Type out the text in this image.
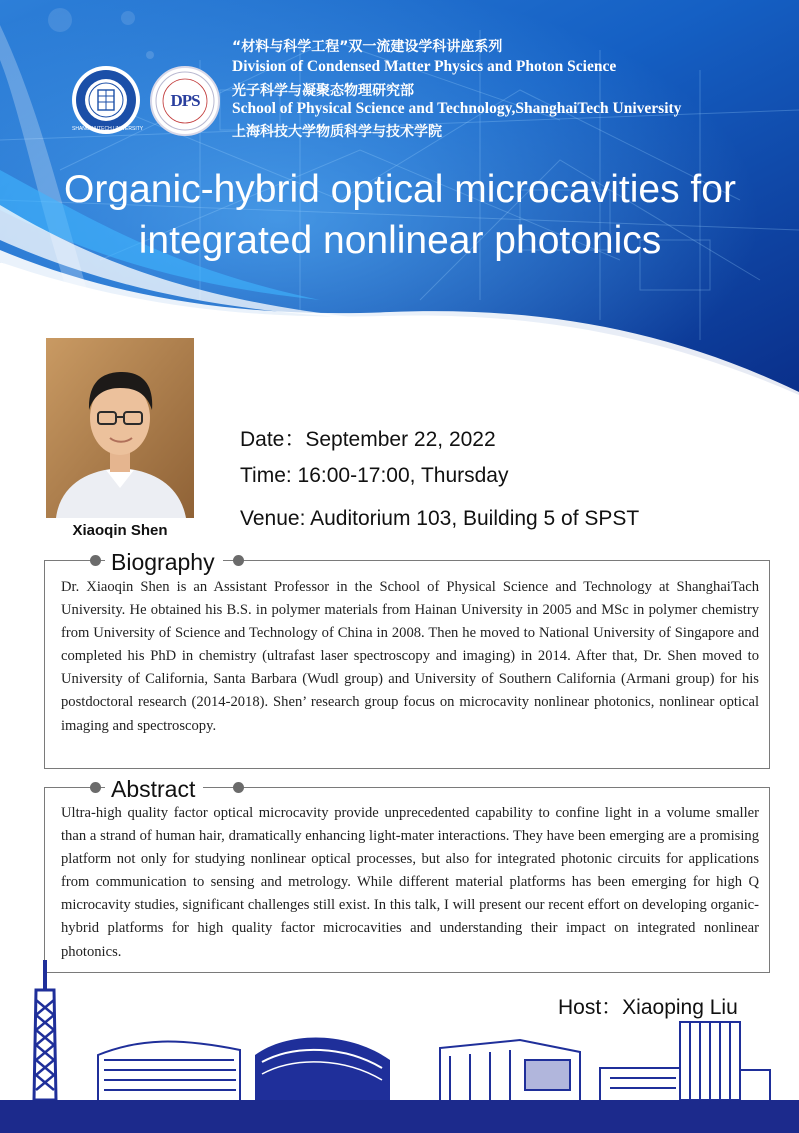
SHANGHAITECH UNIVERSITY
DPS
“材料与科学工程”双一流建设学科讲座系列
Division of Condensed Matter Physics and Photon Science
光子科学与凝聚态物理研究部
School of Physical Science and Technology,ShanghaiTech University
上海科技大学物质科学与技术学院
Organic-hybrid optical microcavities for
integrated nonlinear photonics
Xiaoqin Shen
Date：September 22, 2022
Time: 16:00-17:00, Thursday
Venue: Auditorium 103, Building 5 of SPST
Dr. Xiaoqin Shen is an Assistant Professor in the School of Physical Science and Technology at ShanghaiTach University. He obtained his B.S. in polymer materials from Hainan University in 2005 and MSc in polymer chemistry from University of Science and Technology of China in 2008. Then he moved to National University of Singapore and completed his PhD in chemistry (ultrafast laser spectroscopy and imaging) in 2014. After that, Dr. Shen moved to University of California, Santa Barbara (Wudl group) and University of Southern California (Armani group) for his postdoctoral research (2014-2018). Shen’ research group focus on microcavity nonlinear photonics, nonlinear optical imaging and spectroscopy.
Biography
Ultra-high quality factor optical microcavity provide unprecedented capability to confine light in a volume smaller than a strand of human hair, dramatically enhancing light-mater interactions. They have been emerging are a promising platform not only for studying nonlinear optical processes, but also for integrated photonic circuits for applications from communication to sensing and metrology. While different material platforms has been emerging for high Q microcavity studies, significant challenges still exist. In this talk, I will present our recent effort on developing organic-hybrid platforms for high quality factor microcavities and understanding their impact on integrated nonlinear photonics.
Abstract
Host：Xiaoping Liu
